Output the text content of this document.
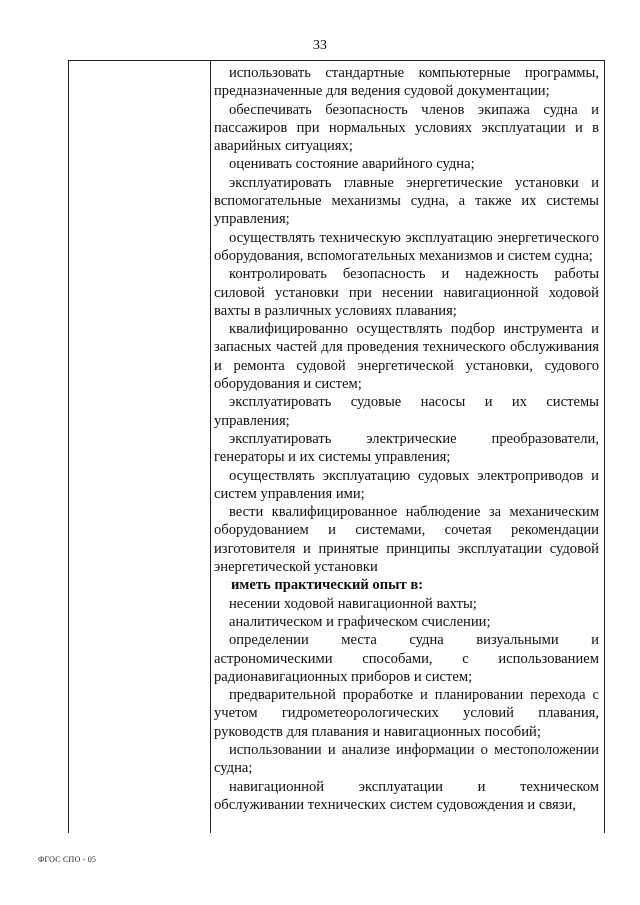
33

использовать стандартные компьютерные программы, предназначенные для ведения судовой документации;

обеспечивать безопасность членов экипажа судна и пассажиров при нормальных условиях эксплуатации и в аварийных ситуациях;

оценивать состояние аварийного судна;

эксплуатировать главные энергетические установки и вспомогательные механизмы судна, а также их системы управления;

осуществлять техническую эксплуатацию энергетического оборудования, вспомогательных механизмов и систем судна;

контролировать безопасность и надежность работы силовой установки при несении навигационной ходовой вахты в различных условиях плавания;

квалифицированно осуществлять подбор инструмента и запасных частей для проведения технического обслуживания и ремонта судовой энергетической установки, судового оборудования и систем;

эксплуатировать судовые насосы и их системы управления;

эксплуатировать электрические преобразователи, генераторы и их системы управления;

осуществлять эксплуатацию судовых электроприводов и систем управления ими;

вести квалифицированное наблюдение за механическим оборудованием и системами, сочетая рекомендации изготовителя и принятые принципы эксплуатации судовой энергетической установки

иметь практический опыт в:

несении ходовой навигационной вахты;

аналитическом и графическом счислении;

определении места судна визуальными и астрономическими способами, с использованием радионавигационных приборов и систем;

предварительной проработке и планировании перехода с учетом гидрометеорологических условий плавания, руководств для плавания и навигационных пособий;

использовании и анализе информации о местоположении судна;

навигационной эксплуатации и техническом обслуживании технических систем судовождения и связи,

ФГОС СПО - 05
